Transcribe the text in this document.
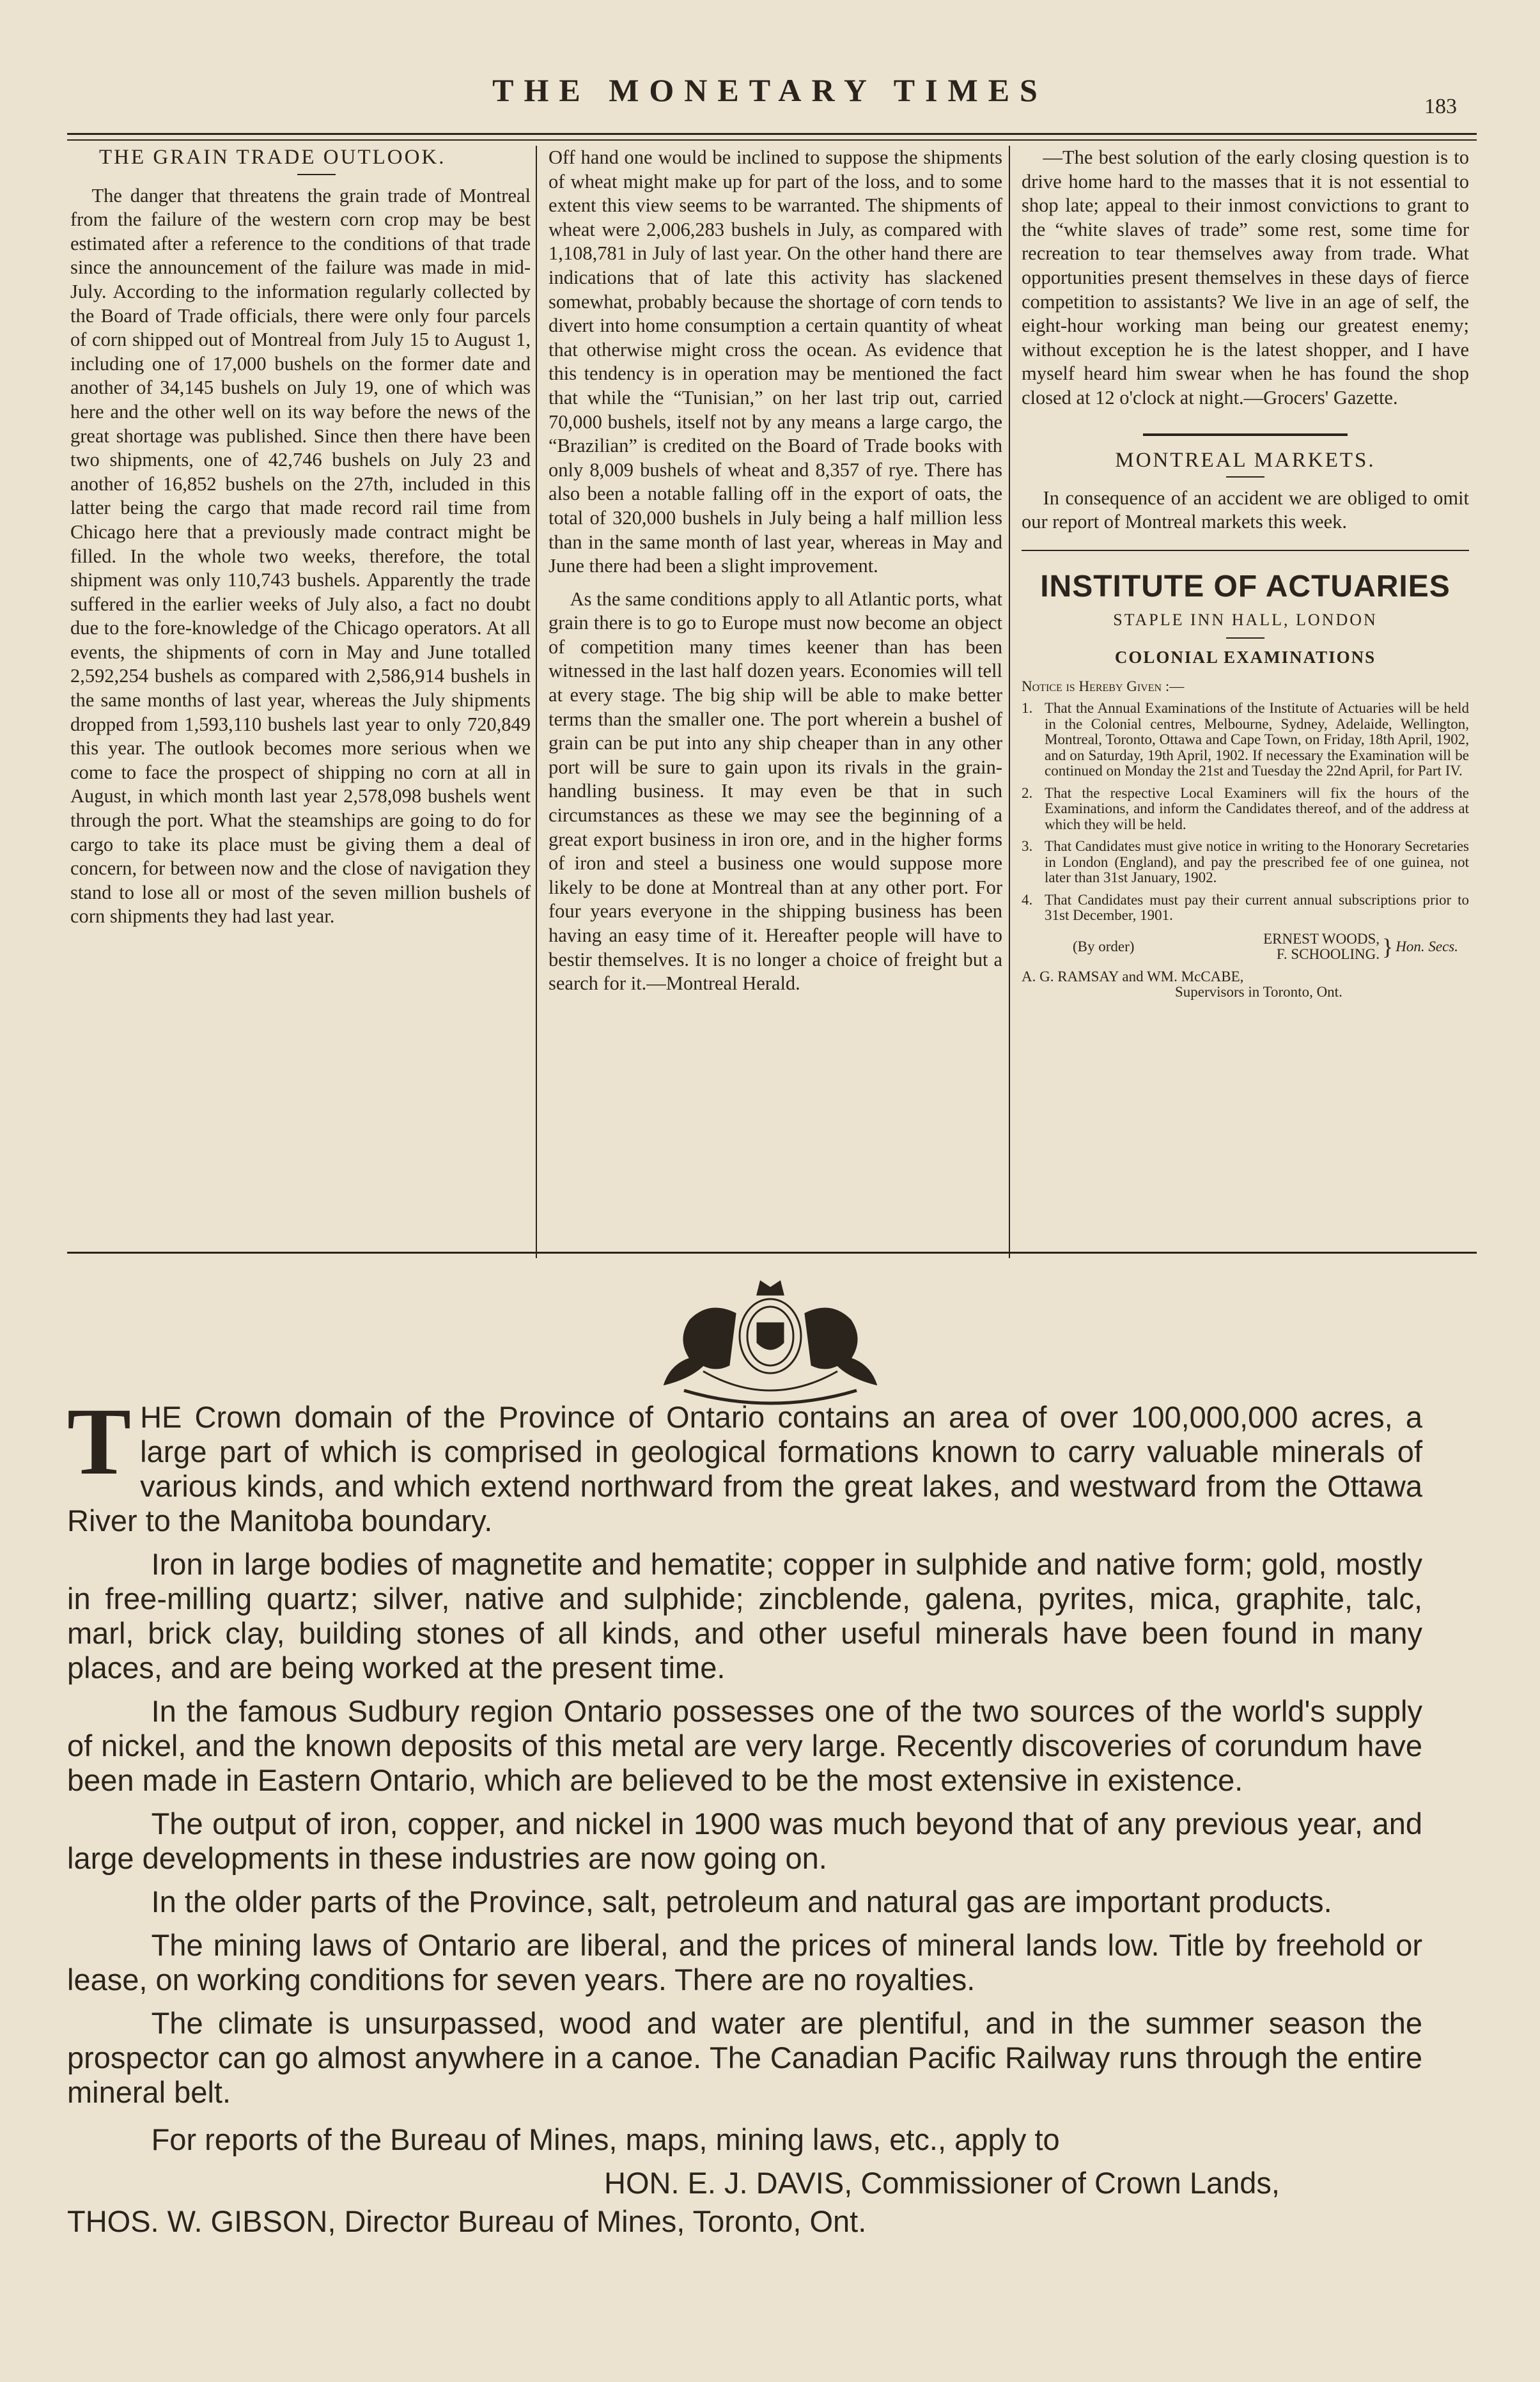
THE MONETARY TIMES	183
THE GRAIN TRADE OUTLOOK.

The danger that threatens the grain trade of Montreal from the failure of the western corn crop may be best estimated after a reference to the conditions of that trade since the announcement of the failure was made in mid-July. According to the information regularly collected by the Board of Trade officials, there were only four parcels of corn shipped out of Montreal from July 15 to August 1, including one of 17,000 bushels on the former date and another of 34,145 bushels on July 19, one of which was here and the other well on its way before the news of the great shortage was published. Since then there have been two shipments, one of 42,746 bushels on July 23 and another of 16,852 bushels on the 27th, included in this latter being the cargo that made record rail time from Chicago here that a previously made contract might be filled. In the whole two weeks, therefore, the total shipment was only 110,743 bushels. Apparently the trade suffered in the earlier weeks of July also, a fact no doubt due to the fore-knowledge of the Chicago operators. At all events, the shipments of corn in May and June totalled 2,592,254 bushels as compared with 2,586,914 bushels in the same months of last year, whereas the July shipments dropped from 1,593,110 bushels last year to only 720,849 this year. The outlook becomes more serious when we come to face the prospect of shipping no corn at all in August, in which month last year 2,578,098 bushels went through the port. What the steamships are going to do for cargo to take its place must be giving them a deal of concern, for between now and the close of navigation they stand to lose all or most of the seven million bushels of corn shipments they had last year.

Off hand one would be inclined to suppose the shipments of wheat might make up for part of the loss, and to some extent this view seems to be warranted. The shipments of wheat were 2,006,283 bushels in July, as compared with 1,108,781 in July of last year. On the other hand there are indications that of late this activity has slackened somewhat, probably because the shortage of corn tends to divert into home consumption a certain quantity of wheat that otherwise might cross the ocean. As evidence that this tendency is in operation may be mentioned the fact that while the “Tunisian,” on her last trip out, carried 70,000 bushels, itself not by any means a large cargo, the “Brazilian” is credited on the Board of Trade books with only 8,009 bushels of wheat and 8,357 of rye. There has also been a notable falling off in the export of oats, the total of 320,000 bushels in July being a half million less than in the same month of last year, whereas in May and June there had been a slight improvement.

As the same conditions apply to all Atlantic ports, what grain there is to go to Europe must now become an object of competition many times keener than has been witnessed in the last half dozen years. Economies will tell at every stage. The big ship will be able to make better terms than the smaller one. The port wherein a bushel of grain can be put into any ship cheaper than in any other port will be sure to gain upon its rivals in the grain-handling business. It may even be that in such circumstances as these we may see the beginning of a great export business in iron ore, and in the higher forms of iron and steel a business one would suppose more likely to be done at Montreal than at any other port. For four years everyone in the shipping business has been having an easy time of it. Hereafter people will have to bestir themselves. It is no longer a choice of freight but a search for it.—Montreal Herald.

—The best solution of the early closing question is to drive home hard to the masses that it is not essential to shop late; appeal to their inmost convictions to grant to the “white slaves of trade” some rest, some time for recreation to tear themselves away from trade. What opportunities present themselves in these days of fierce competition to assistants? We live in an age of self, the eight-hour working man being our greatest enemy; without exception he is the latest shopper, and I have myself heard him swear when he has found the shop closed at 12 o'clock at night.—Grocers' Gazette.

MONTREAL MARKETS.

In consequence of an accident we are obliged to omit our report of Montreal markets this week.

INSTITUTE OF ACTUARIES
STAPLE INN HALL, LONDON
COLONIAL EXAMINATIONS
Notice is Hereby Given :—
1. That the Annual Examinations of the Institute of Actuaries will be held in the Colonial centres, Melbourne, Sydney, Adelaide, Wellington, Montreal, Toronto, Ottawa and Cape Town, on Friday, 18th April, 1902, and on Saturday, 19th April, 1902. If necessary the Examination will be continued on Monday the 21st and Tuesday the 22nd April, for Part IV.
2. That the respective Local Examiners will fix the hours of the Examinations, and inform the Candidates thereof, and of the address at which they will be held.
3. That Candidates must give notice in writing to the Honorary Secretaries in London (England), and pay the prescribed fee of one guinea, not later than 31st January, 1902.
4. That Candidates must pay their current annual subscriptions prior to 31st December, 1901.
(By order)	ERNEST WOODS,
F. SCHOOLING. } Hon. Secs.
A. G. RAMSAY and WM. McCABE,
Supervisors in Toronto, Ont.

THE Crown domain of the Province of Ontario contains an area of over 100,000,000 acres, a large part of which is comprised in geological formations known to carry valuable minerals of various kinds, and which extend northward from the great lakes, and westward from the Ottawa River to the Manitoba boundary.

Iron in large bodies of magnetite and hematite; copper in sulphide and native form; gold, mostly in free-milling quartz; silver, native and sulphide; zincblende, galena, pyrites, mica, graphite, talc, marl, brick clay, building stones of all kinds, and other useful minerals have been found in many places, and are being worked at the present time.

In the famous Sudbury region Ontario possesses one of the two sources of the world's supply of nickel, and the known deposits of this metal are very large. Recently discoveries of corundum have been made in Eastern Ontario, which are believed to be the most extensive in existence.

The output of iron, copper, and nickel in 1900 was much beyond that of any previous year, and large developments in these industries are now going on.

In the older parts of the Province, salt, petroleum and natural gas are important products.

The mining laws of Ontario are liberal, and the prices of mineral lands low. Title by freehold or lease, on working conditions for seven years. There are no royalties.

The climate is unsurpassed, wood and water are plentiful, and in the summer season the prospector can go almost anywhere in a canoe. The Canadian Pacific Railway runs through the entire mineral belt.

For reports of the Bureau of Mines, maps, mining laws, etc., apply to

HON. E. J. DAVIS, Commissioner of Crown Lands,
THOS. W. GIBSON, Director Bureau of Mines, Toronto, Ont.
